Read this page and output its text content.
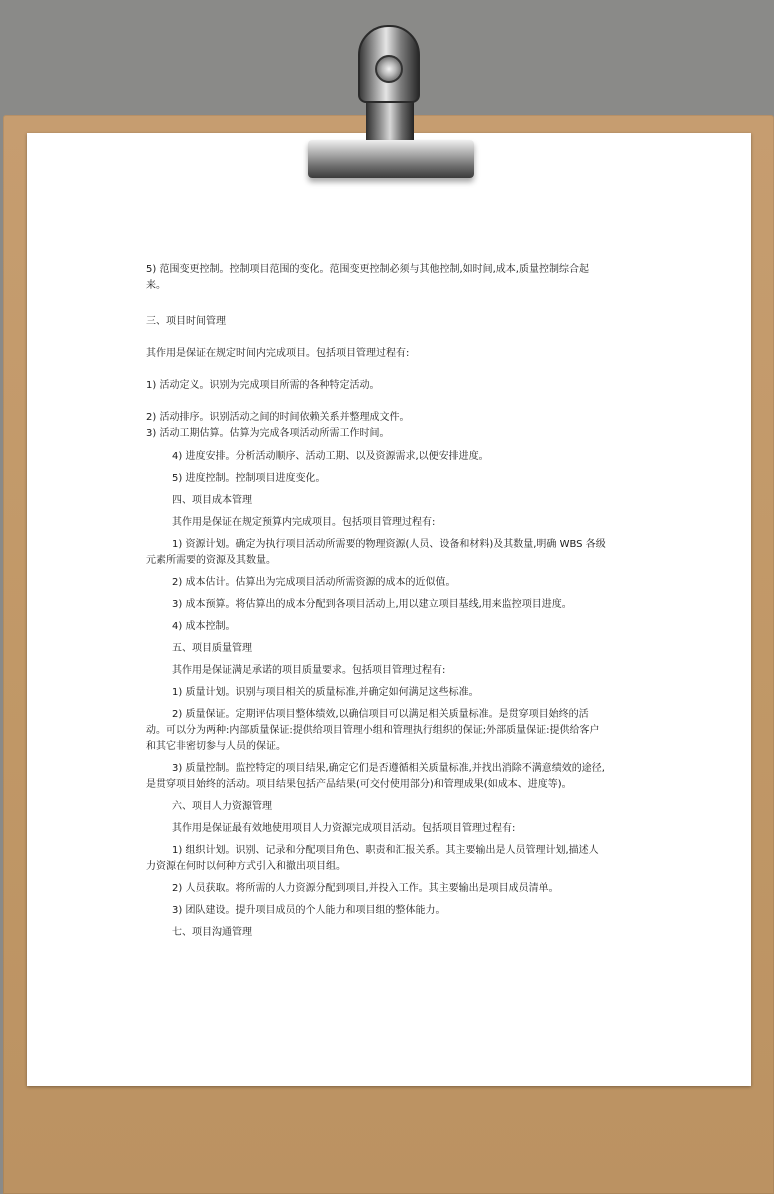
5) 范围变更控制。控制项目范围的变化。范围变更控制必须与其他控制,如时间,成本,质量控制综合起来。

三、项目时间管理

其作用是保证在规定时间内完成项目。包括项目管理过程有:

1) 活动定义。识别为完成项目所需的各种特定活动。

2) 活动排序。识别活动之间的时间依赖关系并整理成文件。

3) 活动工期估算。估算为完成各项活动所需工作时间。

4) 进度安排。分析活动顺序、活动工期、以及资源需求,以便安排进度。

5) 进度控制。控制项目进度变化。

四、项目成本管理

其作用是保证在规定预算内完成项目。包括项目管理过程有:

1) 资源计划。确定为执行项目活动所需要的物理资源(人员、设备和材料)及其数量,明确 WBS 各级元素所需要的资源及其数量。

2) 成本估计。估算出为完成项目活动所需资源的成本的近似值。

3) 成本预算。将估算出的成本分配到各项目活动上,用以建立项目基线,用来监控项目进度。

4) 成本控制。

五、项目质量管理

其作用是保证满足承诺的项目质量要求。包括项目管理过程有:

1) 质量计划。识别与项目相关的质量标准,并确定如何满足这些标准。

2) 质量保证。定期评估项目整体绩效,以确信项目可以满足相关质量标准。是贯穿项目始终的活动。可以分为两种:内部质量保证:提供给项目管理小组和管理执行组织的保证;外部质量保证:提供给客户和其它非密切参与人员的保证。

3) 质量控制。监控特定的项目结果,确定它们是否遵循相关质量标准,并找出消除不满意绩效的途径,是贯穿项目始终的活动。项目结果包括产品结果(可交付使用部分)和管理成果(如成本、进度等)。

六、项目人力资源管理

其作用是保证最有效地使用项目人力资源完成项目活动。包括项目管理过程有:

1) 组织计划。识别、记录和分配项目角色、职责和汇报关系。其主要输出是人员管理计划,描述人力资源在何时以何种方式引入和撤出项目组。

2) 人员获取。将所需的人力资源分配到项目,并投入工作。其主要输出是项目成员清单。

3) 团队建设。提升项目成员的个人能力和项目组的整体能力。

七、项目沟通管理
